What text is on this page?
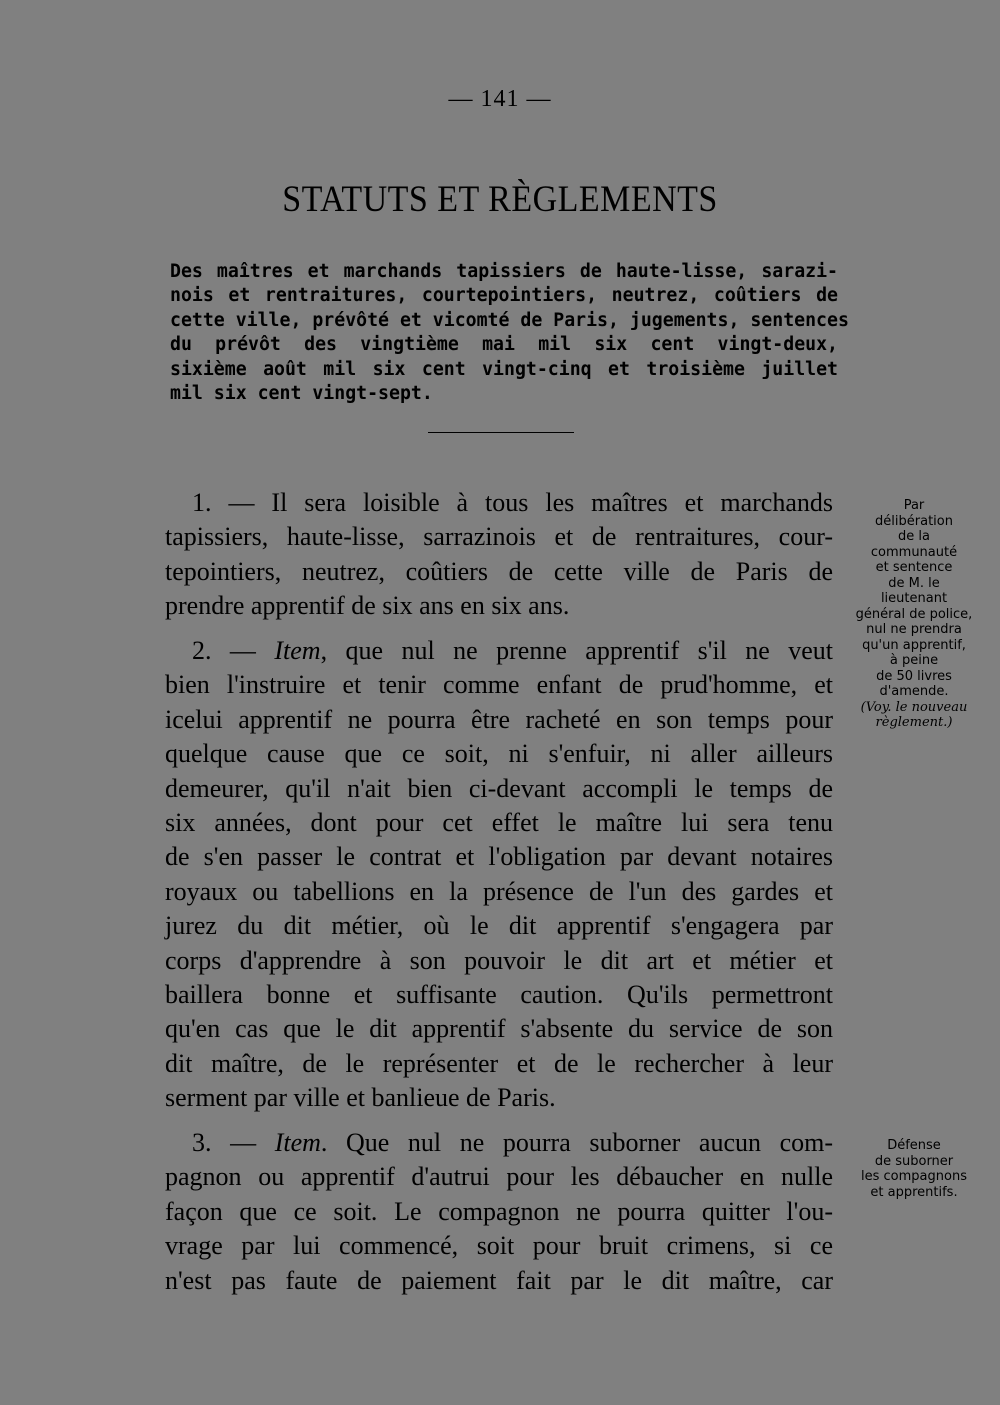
— 141 —
STATUTS ET RÈGLEMENTS
Des maîtres et marchands tapissiers de haute-lisse, sarazi-
nois et rentraitures, courtepointiers, neutrez, coûtiers de
cette ville, prévôté et vicomté de Paris, jugements, sentences
du prévôt des vingtième mai mil six cent vingt-deux,
sixième août mil six cent vingt-cinq et troisième juillet
mil six cent vingt-sept.
1. — Il sera loisible à tous les maîtres et marchands
tapissiers, haute-lisse, sarrazinois et de rentraitures, cour-
tepointiers, neutrez, coûtiers de cette ville de Paris de
prendre apprentif de six ans en six ans.
2. — Item, que nul ne prenne apprentif s'il ne veut
bien l'instruire et tenir comme enfant de prud'homme, et
icelui apprentif ne pourra être racheté en son temps pour
quelque cause que ce soit, ni s'enfuir, ni aller ailleurs
demeurer, qu'il n'ait bien ci-devant accompli le temps de
six années, dont pour cet effet le maître lui sera tenu
de s'en passer le contrat et l'obligation par devant notaires
royaux ou tabellions en la présence de l'un des gardes et
jurez du dit métier, où le dit apprentif s'engagera par
corps d'apprendre à son pouvoir le dit art et métier et
baillera bonne et suffisante caution. Qu'ils permettront
qu'en cas que le dit apprentif s'absente du service de son
dit maître, de le représenter et de le rechercher à leur
serment par ville et banlieue de Paris.
3. — Item. Que nul ne pourra suborner aucun com-
pagnon ou apprentif d'autrui pour les débaucher en nulle
façon que ce soit. Le compagnon ne pourra quitter l'ou-
vrage par lui commencé, soit pour bruit crimens, si ce
n'est pas faute de paiement fait par le dit maître, car
Par
délibération
de la
communauté
et sentence
de M. le
lieutenant
général de police,
nul ne prendra
qu'un apprentif,
à peine
de 50 livres
d'amende.
(Voy. le nouveau
règlement.)
Défense
de suborner
les compagnons
et apprentifs.
